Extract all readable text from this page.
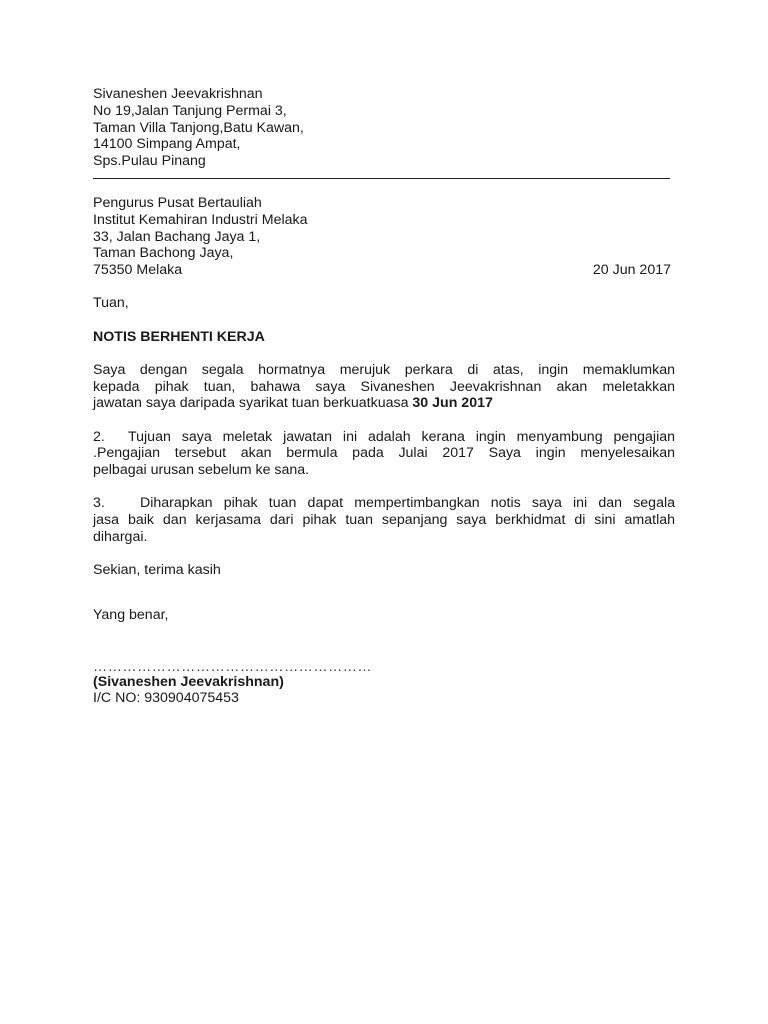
Sivaneshen Jeevakrishnan
No 19,Jalan Tanjung Permai 3,
Taman Villa Tanjong,Batu Kawan,
14100 Simpang Ampat,
Sps.Pulau Pinang
Pengurus Pusat Bertauliah
Institut Kemahiran Industri Melaka
33, Jalan Bachang Jaya 1,
Taman Bachong Jaya,
75350 Melaka	20 Jun 2017
Tuan,
NOTIS BERHENTI KERJA
Saya dengan segala hormatnya merujuk perkara di atas, ingin memaklumkan
kepada pihak tuan, bahawa saya Sivaneshen Jeevakrishnan akan meletakkan
jawatan saya daripada syarikat tuan berkuatkuasa 30 Jun 2017
2. Tujuan saya meletak jawatan ini adalah kerana ingin menyambung pengajian
.Pengajian tersebut akan bermula pada Julai 2017 Saya ingin menyelesaikan
pelbagai urusan sebelum ke sana.
3. Diharapkan pihak tuan dapat mempertimbangkan notis saya ini dan segala
jasa baik dan kerjasama dari pihak tuan sepanjang saya berkhidmat di sini amatlah
dihargai.
Sekian, terima kasih
Yang benar,
…………………………………………………
(Sivaneshen Jeevakrishnan)
I/C NO: 930904075453
